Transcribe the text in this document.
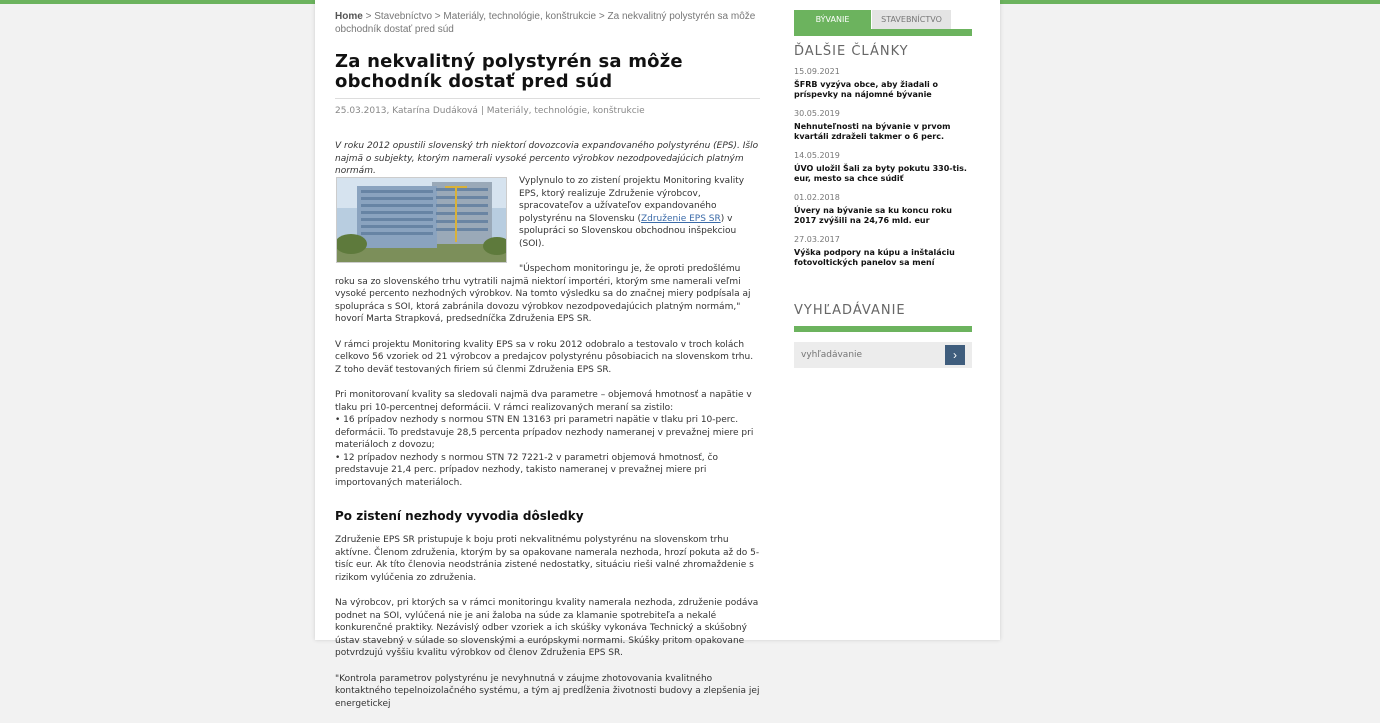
Home > Stavebníctvo > Materiály, technológie, konštrukcie > Za nekvalitný polystyrén sa môže obchodník dostať pred súd
Za nekvalitný polystyrén sa môže obchodník dostať pred súd
25.03.2013, Katarína Dudáková | Materiály, technológie, konštrukcie

V roku 2012 opustili slovenský trh niektorí dovozcovia expandovaného polystyrénu (EPS). Išlo najmä o subjekty, ktorým namerali vysoké percento výrobkov nezodpovedajúcich platným normám.

Vyplynulo to zo zistení projektu Monitoring kvality EPS, ktorý realizuje Združenie výrobcov, spracovateľov a užívateľov expandovaného polystyrénu na Slovensku (Združenie EPS SR) v spolupráci so Slovenskou obchodnou inšpekciou (SOI).

"Úspechom monitoringu je, že oproti predošlému roku sa zo slovenského trhu vytratili najmä niektorí importéri, ktorým sme namerali veľmi vysoké percento nezhodných výrobkov. Na tomto výsledku sa do značnej miery podpísala aj spolupráca s SOI, ktorá zabránila dovozu výrobkov nezodpovedajúcich platným normám," hovorí Marta Strapková, predsedníčka Združenia EPS SR.

V rámci projektu Monitoring kvality EPS sa v roku 2012 odobralo a testovalo v troch kolách celkovo 56 vzoriek od 21 výrobcov a predajcov polystyrénu pôsobiacich na slovenskom trhu. Z toho deväť testovaných firiem sú členmi Združenia EPS SR.

Pri monitorovaní kvality sa sledovali najmä dva parametre – objemová hmotnosť a napätie v tlaku pri 10-percentnej deformácii. V rámci realizovaných meraní sa zistilo:
• 16 prípadov nezhody s normou STN EN 13163 pri parametri napätie v tlaku pri 10-perc. deformácii. To predstavuje 28,5 percenta prípadov nezhody nameranej v prevažnej miere pri materiáloch z dovozu;
• 12 prípadov nezhody s normou STN 72 7221-2 v parametri objemová hmotnosť, čo predstavuje 21,4 perc. prípadov nezhody, takisto nameranej v prevažnej miere pri importovaných materiáloch.

Po zistení nezhody vyvodia dôsledky

Združenie EPS SR pristupuje k boju proti nekvalitnému polystyrénu na slovenskom trhu aktívne. Členom združenia, ktorým by sa opakovane namerala nezhoda, hrozí pokuta až do 5-tisíc eur. Ak títo členovia neodstránia zistené nedostatky, situáciu rieši valné zhromaždenie s rizikom vylúčenia zo združenia.

Na výrobcov, pri ktorých sa v rámci monitoringu kvality namerala nezhoda, združenie podáva podnet na SOI, vylúčená nie je ani žaloba na súde za klamanie spotrebiteľa a nekalé konkurenčné praktiky. Nezávislý odber vzoriek a ich skúšky vykonáva Technický a skúšobný ústav stavebný v súlade so slovenskými a európskymi normami. Skúšky pritom opakovane potvrdzujú vyššiu kvalitu výrobkov od členov Združenia EPS SR.

"Kontrola parametrov polystyrénu je nevyhnutná v záujme zhotovovania kvalitného kontaktného tepelnoizolačného systému, a tým aj predĺženia životnosti budovy a zlepšenia jej energetickej

BÝVANIE	STAVEBNÍCTVO
ĎALŠIE ČLÁNKY
15.09.2021
ŠFRB vyzýva obce, aby žiadali o príspevky na nájomné bývanie
30.05.2019
Nehnuteľnosti na bývanie v prvom kvartáli zdraželi takmer o 6 perc.
14.05.2019
ÚVO uložil Šali za byty pokutu 330-tis. eur, mesto sa chce súdiť
01.02.2018
Úvery na bývanie sa ku koncu roku 2017 zvýšili na 24,76 mld. eur
27.03.2017
Výška podpory na kúpu a inštaláciu fotovoltických panelov sa mení
VYHĽADÁVANIE
vyhľadávanie
›
